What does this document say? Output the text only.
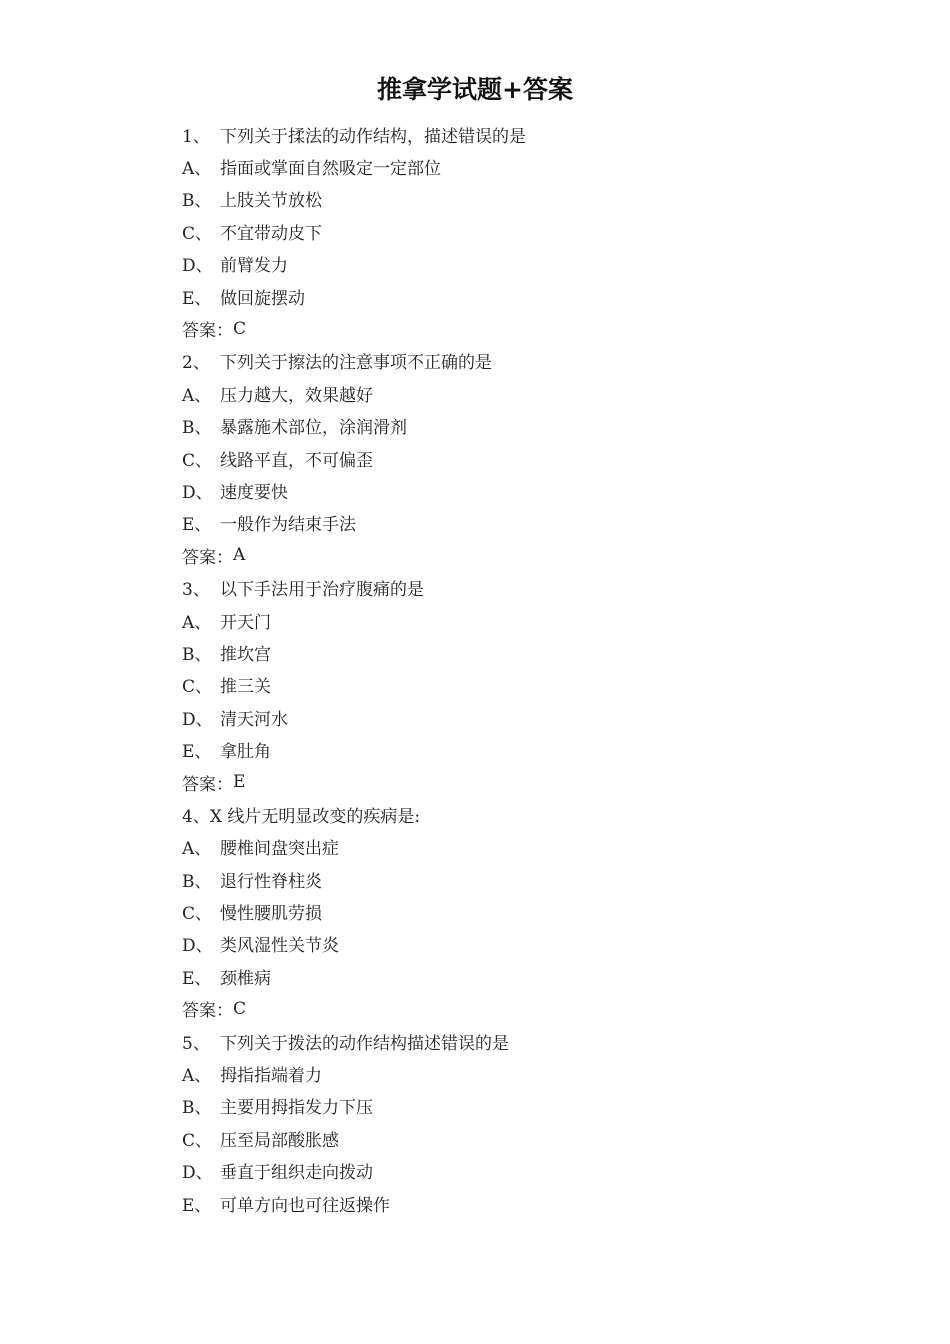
推拿学试题+答案
1、 下列关于揉法的动作结构，描述错误的是
A、 指面或掌面自然吸定一定部位
B、 上肢关节放松
C、 不宜带动皮下
D、 前臂发力
E、 做回旋摆动
答案： C
2、 下列关于擦法的注意事项不正确的是
A、 压力越大，效果越好
B、 暴露施术部位，涂润滑剂
C、 线路平直，不可偏歪
D、 速度要快
E、 一般作为结束手法
答案： A
3、 以下手法用于治疗腹痛的是
A、 开天门
B、 推坎宫
C、 推三关
D、 清天河水
E、 拿肚角
答案： E
4、 X 线片无明显改变的疾病是:
A、 腰椎间盘突出症
B、 退行性脊柱炎
C、 慢性腰肌劳损
D、 类风湿性关节炎
E、 颈椎病
答案： C
5、 下列关于拨法的动作结构描述错误的是
A、 拇指指端着力
B、 主要用拇指发力下压
C、 压至局部酸胀感
D、 垂直于组织走向拨动
E、 可单方向也可往返操作
